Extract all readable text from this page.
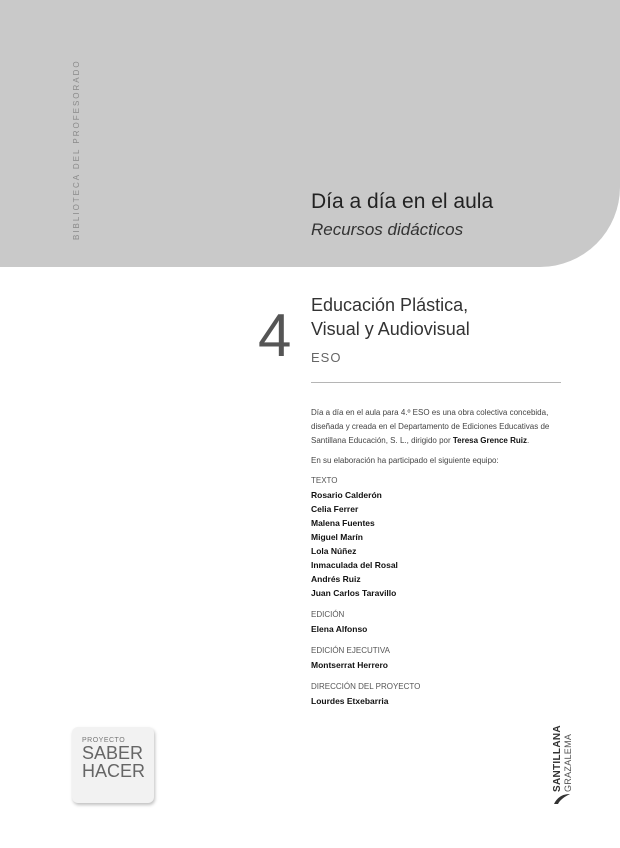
BIBLIOTECA DEL PROFESORADO	Día a día en el aula
Recursos didácticos
4 Educación Plástica,
Visual y Audiovisual
ESO

Día a día en el aula para 4.º ESO es una obra colectiva concebida, diseñada y creada en el Departamento de Ediciones Educativas de Santillana Educación, S. L., dirigido por Teresa Grence Ruiz.

En su elaboración ha participado el siguiente equipo:

TEXTO
Rosario Calderón
Celia Ferrer
Malena Fuentes
Miguel Marín
Lola Núñez
Inmaculada del Rosal
Andrés Ruiz
Juan Carlos Taravillo
EDICIÓN
Elena Alfonso
EDICIÓN EJECUTIVA
Montserrat Herrero
DIRECCIÓN DEL PROYECTO
Lourdes Etxebarria
PROYECTO
SABER
HACER	SANTILLANA GRAZALEMA
